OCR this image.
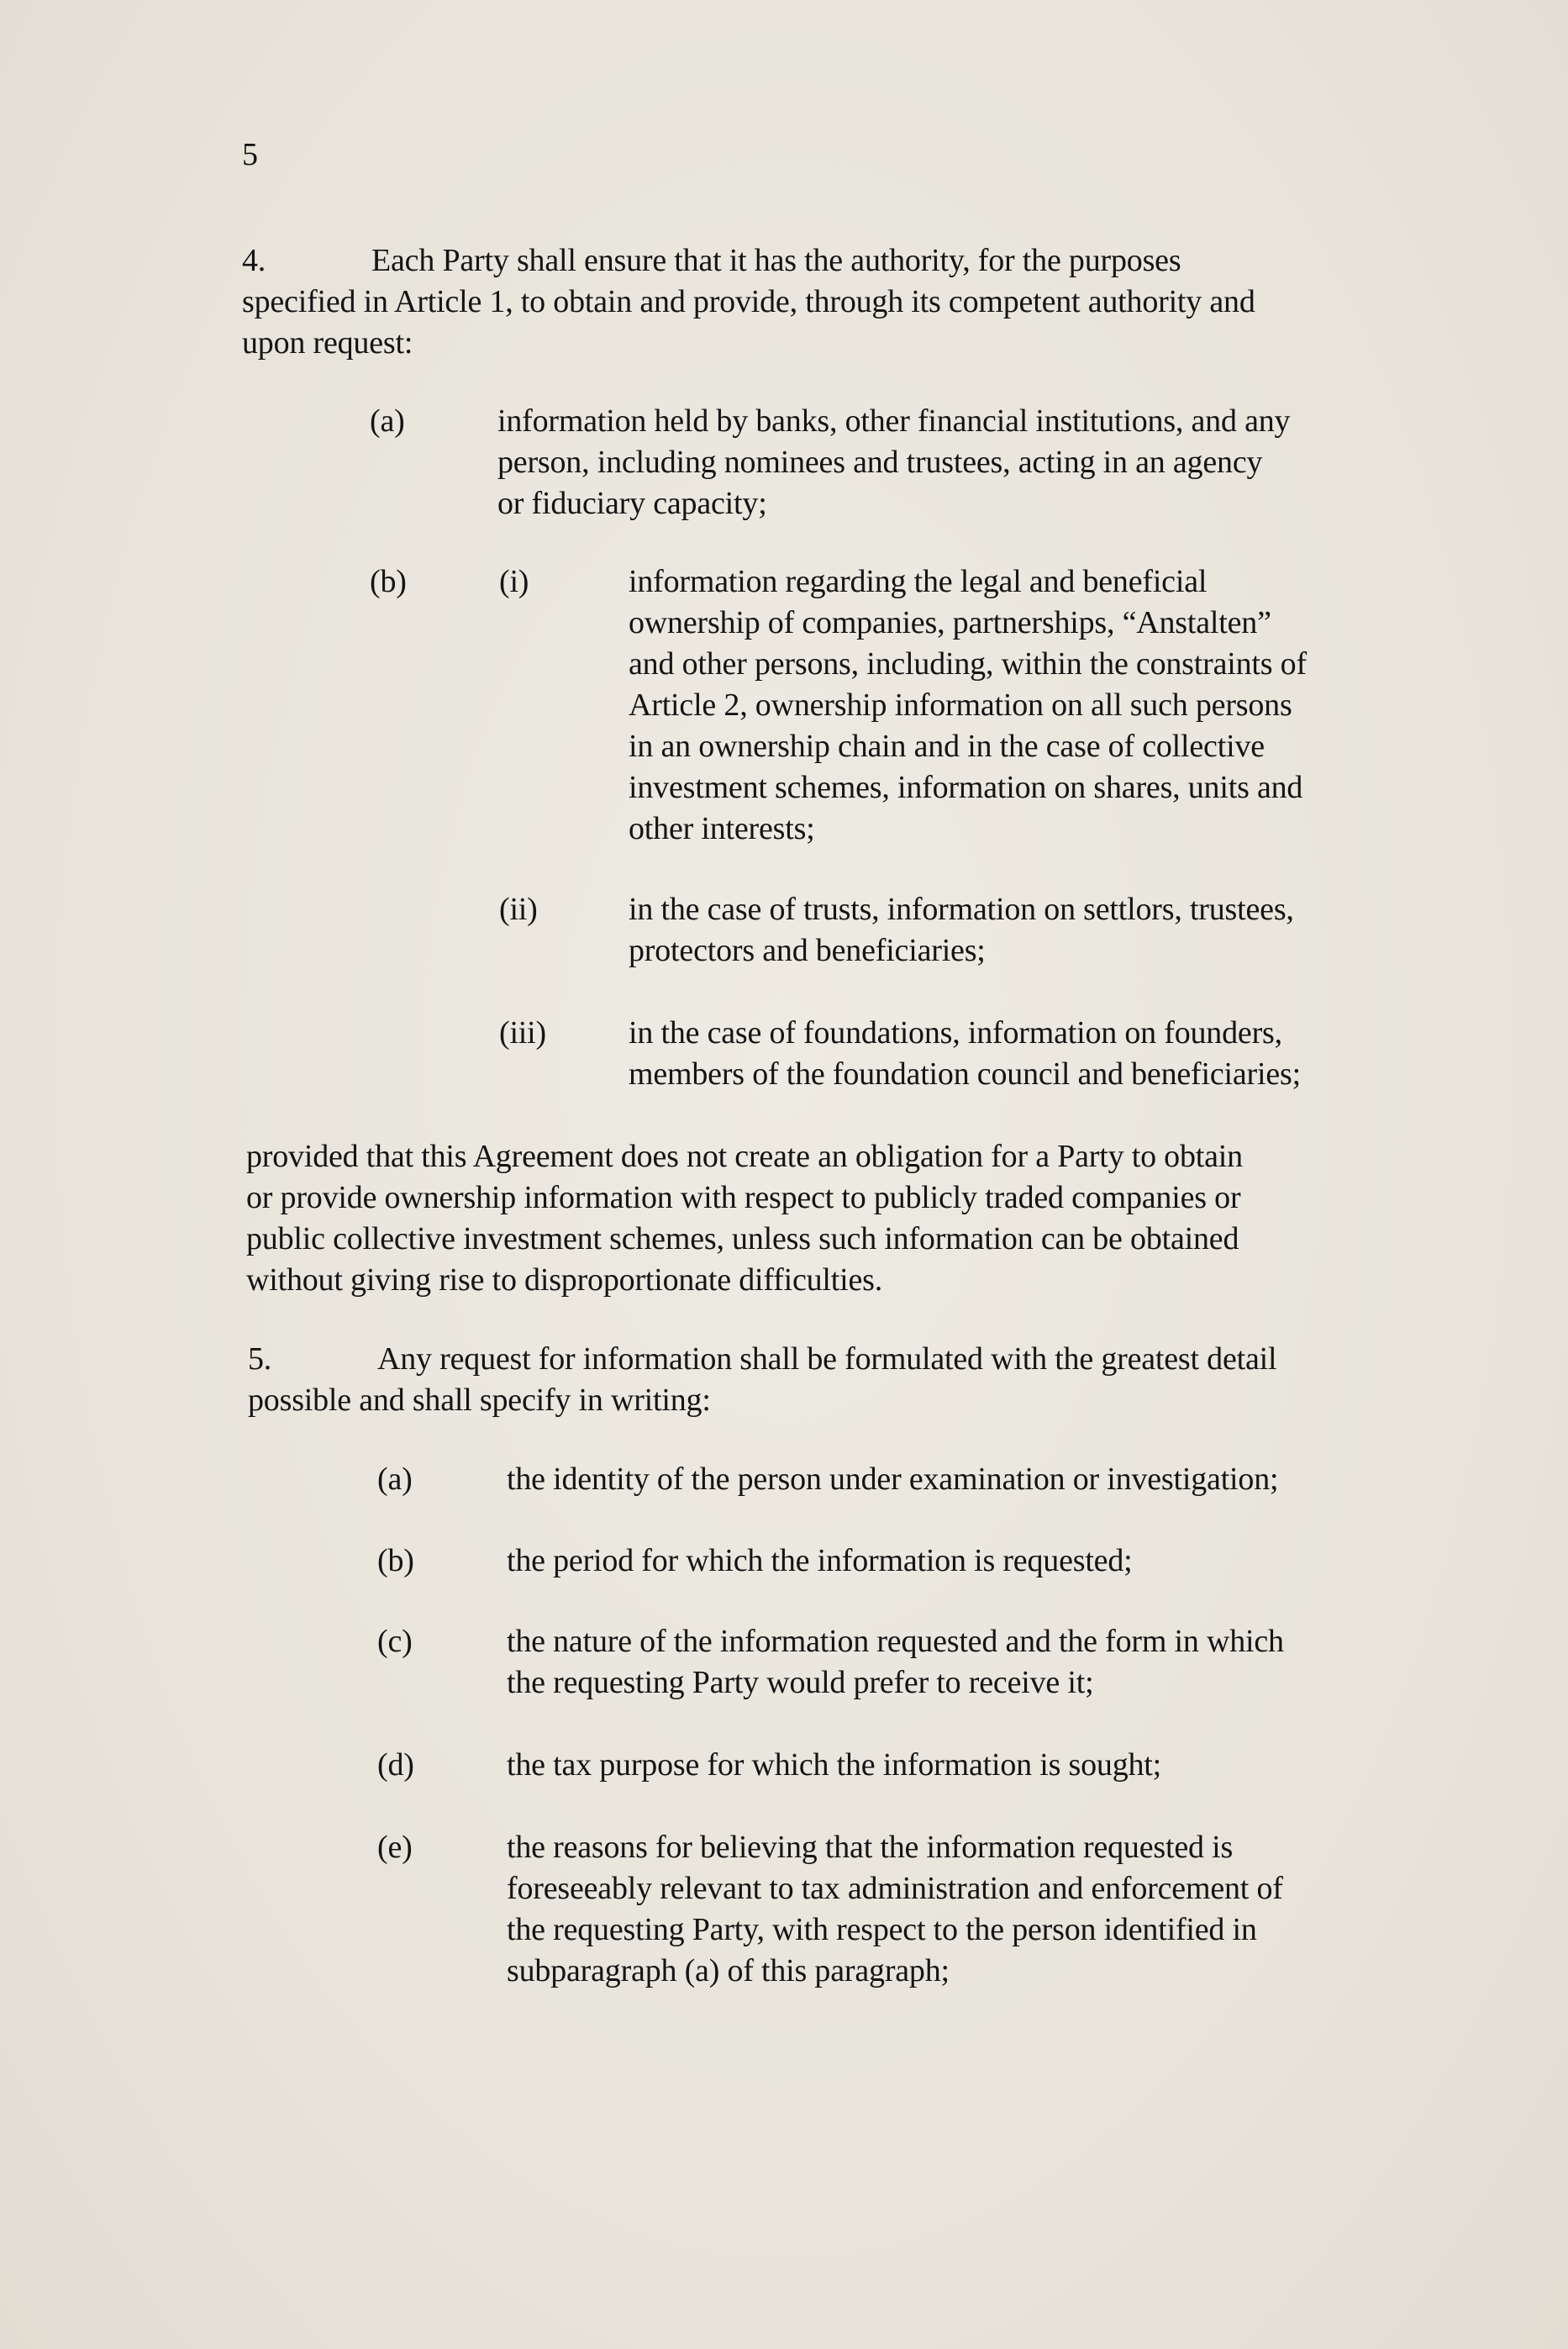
5
4.	Each Party shall ensure that it has the authority, for the purposes
specified in Article 1, to obtain and provide, through its competent authority and
upon request:
(a)	information held by banks, other financial institutions, and any
person, including nominees and trustees, acting in an agency
or fiduciary capacity;
(b)	(i)	information regarding the legal and beneficial
ownership of companies, partnerships, “Anstalten”
and other persons, including, within the constraints of
Article 2, ownership information on all such persons
in an ownership chain and in the case of collective
investment schemes, information on shares, units and
other interests;
(ii)	in the case of trusts, information on settlors, trustees,
protectors and beneficiaries;
(iii)	in the case of foundations, information on founders,
members of the foundation council and beneficiaries;
provided that this Agreement does not create an obligation for a Party to obtain
or provide ownership information with respect to publicly traded companies or
public collective investment schemes, unless such information can be obtained
without giving rise to disproportionate difficulties.
5.	Any request for information shall be formulated with the greatest detail
possible and shall specify in writing:
(a)	the identity of the person under examination or investigation;
(b)	the period for which the information is requested;
(c)	the nature of the information requested and the form in which
the requesting Party would prefer to receive it;
(d)	the tax purpose for which the information is sought;
(e)	the reasons for believing that the information requested is
foreseeably relevant to tax administration and enforcement of
the requesting Party, with respect to the person identified in
subparagraph (a) of this paragraph;
